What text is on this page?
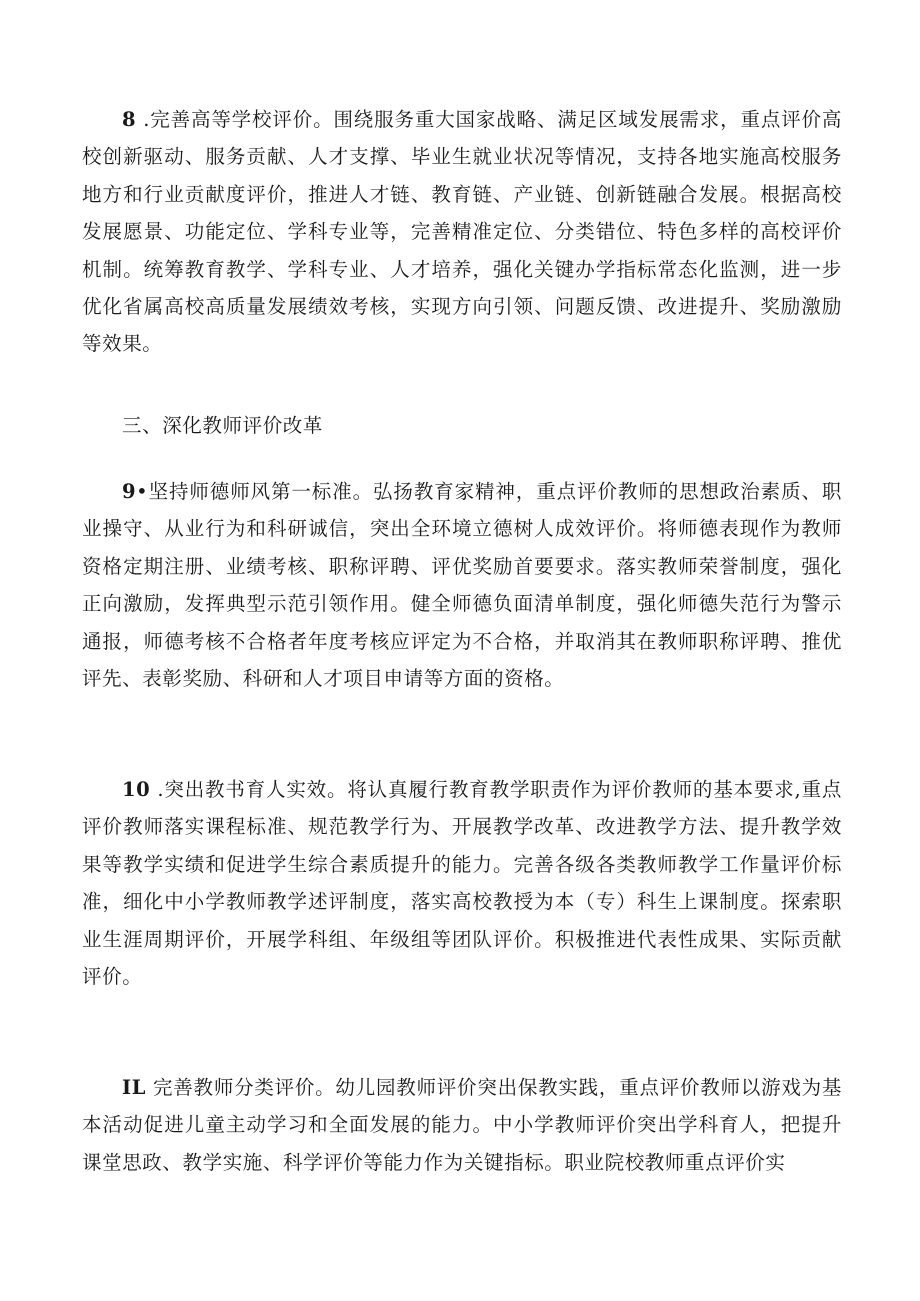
8 .完善高等学校评价。围绕服务重大国家战略、满足区域发展需求，重点评价高校创新驱动、服务贡献、人才支撑、毕业生就业状况等情况，支持各地实施高校服务地方和行业贡献度评价，推进人才链、教育链、产业链、创新链融合发展。根据高校发展愿景、功能定位、学科专业等，完善精准定位、分类错位、特色多样的高校评价机制。统筹教育教学、学科专业、人才培养，强化关键办学指标常态化监测，进一步优化省属高校高质量发展绩效考核，实现方向引领、问题反馈、改进提升、奖励激励等效果。

三、深化教师评价改革

9•坚持师德师风第一标准。弘扬教育家精神，重点评价教师的思想政治素质、职业操守、从业行为和科研诚信，突出全环境立德树人成效评价。将师德表现作为教师资格定期注册、业绩考核、职称评聘、评优奖励首要要求。落实教师荣誉制度，强化正向激励，发挥典型示范引领作用。健全师德负面清单制度，强化师德失范行为警示通报，师德考核不合格者年度考核应评定为不合格，并取消其在教师职称评聘、推优评先、表彰奖励、科研和人才项目申请等方面的资格。

10 .突出教书育人实效。将认真履行教育教学职责作为评价教师的基本要求,重点评价教师落实课程标准、规范教学行为、开展教学改革、改进教学方法、提升教学效果等教学实绩和促进学生综合素质提升的能力。完善各级各类教师教学工作量评价标准，细化中小学教师教学述评制度，落实高校教授为本（专）科生上课制度。探索职业生涯周期评价，开展学科组、年级组等团队评价。积极推进代表性成果、实际贡献评价。

IL 完善教师分类评价。幼儿园教师评价突出保教实践，重点评价教师以游戏为基本活动促进儿童主动学习和全面发展的能力。中小学教师评价突出学科育人，把提升课堂思政、教学实施、科学评价等能力作为关键指标。职业院校教师重点评价实
